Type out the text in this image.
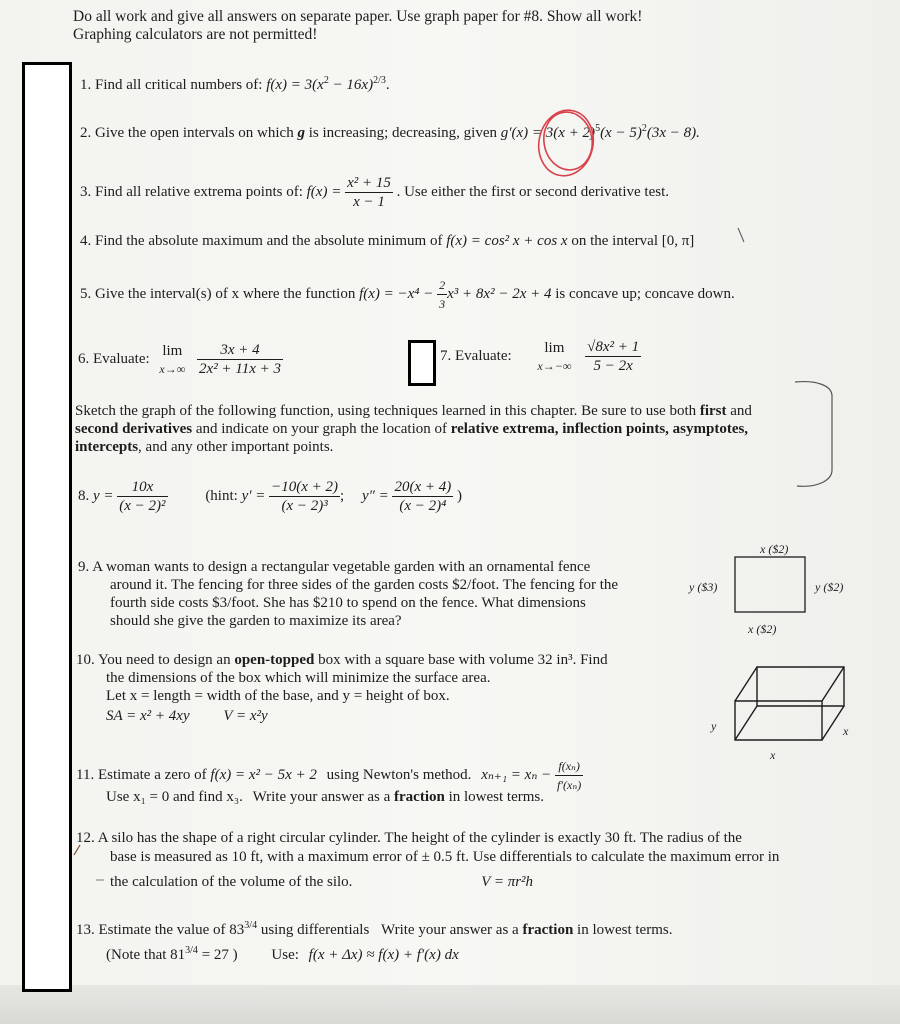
Do all work and give all answers on separate paper. Use graph paper for #8. Show all work!
Graphing calculators are not permitted!
1. Find all critical numbers of: $f(x) = 3(x^2 - 16x)^{2/3}$.
2. Give the open intervals on which g is increasing; decreasing, given $g'(x) = 3(x + 2)^5(x - 5)^2(3x - 8)$.
3. Find all relative extrema points of: $f(x) = \frac{\text{x² + 15}}{x - 1}$ . Use either the first or second derivative test.
4. Find the absolute maximum and the absolute minimum of f(x) = cos² x + cos x on the interval [0, π]
5. Give the interval(s) of x where the function $f(x) = -x^4 - \frac{2}{3} x^3 + 8x^2 - 2x + 4$ is concave up; concave down.
6. Evaluate:
lim
x→∞
$\frac{3x + 4}{\text{2x² + 11x + 3}}$	7. Evaluate:
lim
x→−∞
$\frac{\text{√8x² + 1}}{5 - 2x}$
Sketch the graph of the following function, using techniques learned in this chapter. Be sure to use both first and
second derivatives and indicate on your graph the location of relative extrema, inflection points, asymptotes,
intercepts, and any other important points.
8. $y = \frac{10x}{\text{(x − 2)²}}$	(hint: $y' = \frac{-10(x + 2)}{\text{(x − 2)³}}$ ; $y'' = \frac{20(x + 4)}{\text{(x − 2)⁴}}$ )
9. A woman wants to design a rectangular vegetable garden with an ornamental fence
around it. The fencing for three sides of the garden costs $2/foot. The fencing for the
fourth side costs $3/foot. She has $210 to spend on the fence. What dimensions
should she give the garden to maximize its area?
x ($2)
y ($3)	y ($2)
x ($2)
10. You need to design an open-topped box with a square base with volume 32 in³. Find
the dimensions of the box which will minimize the surface area.
Let x = length = width of the base, and y = height of box.
SA = x² + 4xy V = x²y
y	x
x
11. Estimate a zero of f(x) = x² − 5x + 2 using Newton's method. $x_{n+1} = x_n - \frac{\text{f(xₙ)}}{\text{f′(xₙ)}}$
Use x₁ = 0 and find x₃. Write your answer as a fraction in lowest terms.
12. A silo has the shape of a right circular cylinder. The height of the cylinder is exactly 30 ft. The radius of the
base is measured as 10 ft, with a maximum error of ± 0.5 ft. Use differentials to calculate the maximum error in
the calculation of the volume of the silo.	V = πr²h
13. Estimate the value of $83^{3/4}$ using differentials Write your answer as a fraction in lowest terms.
(Note that $81^{3/4} = 27$ ) Use: f(x + Δx) ≈ f(x) + f′(x) dx
